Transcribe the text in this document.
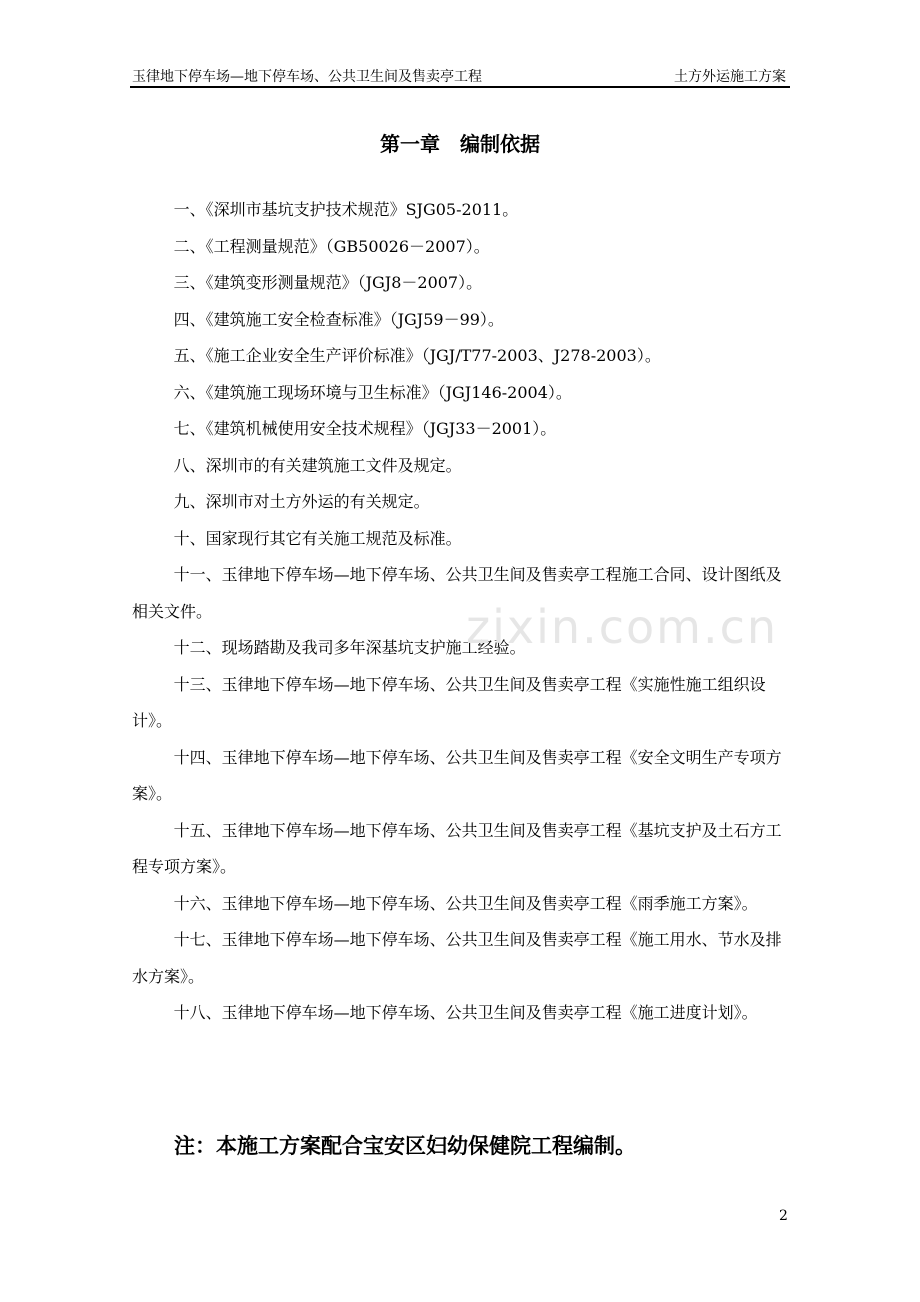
玉律地下停车场—地下停车场、公共卫生间及售卖亭工程	土方外运施工方案
第一章　编制依据

一、《深圳市基坑支护技术规范》SJG05-2011。

二、《工程测量规范》（GB50026－2007）。

三、《建筑变形测量规范》（JGJ8－2007）。

四、《建筑施工安全检查标准》（JGJ59－99）。

五、《施工企业安全生产评价标准》（JGJ/T77-2003、J278-2003）。

六、《建筑施工现场环境与卫生标准》（JGJ146-2004）。

七、《建筑机械使用安全技术规程》（JGJ33－2001）。

八、深圳市的有关建筑施工文件及规定。

九、深圳市对土方外运的有关规定。

十、国家现行其它有关施工规范及标准。

十一、玉律地下停车场—地下停车场、公共卫生间及售卖亭工程施工合同、设计图纸及相关文件。

十二、现场踏勘及我司多年深基坑支护施工经验。

十三、玉律地下停车场—地下停车场、公共卫生间及售卖亭工程《实施性施工组织设计》。

十四、玉律地下停车场—地下停车场、公共卫生间及售卖亭工程《安全文明生产专项方案》。

十五、玉律地下停车场—地下停车场、公共卫生间及售卖亭工程《基坑支护及土石方工程专项方案》。

十六、玉律地下停车场—地下停车场、公共卫生间及售卖亭工程《雨季施工方案》。

十七、玉律地下停车场—地下停车场、公共卫生间及售卖亭工程《施工用水、节水及排水方案》。

十八、玉律地下停车场—地下停车场、公共卫生间及售卖亭工程《施工进度计划》。

zixin.com.cn
注：本施工方案配合宝安区妇幼保健院工程编制。
2
